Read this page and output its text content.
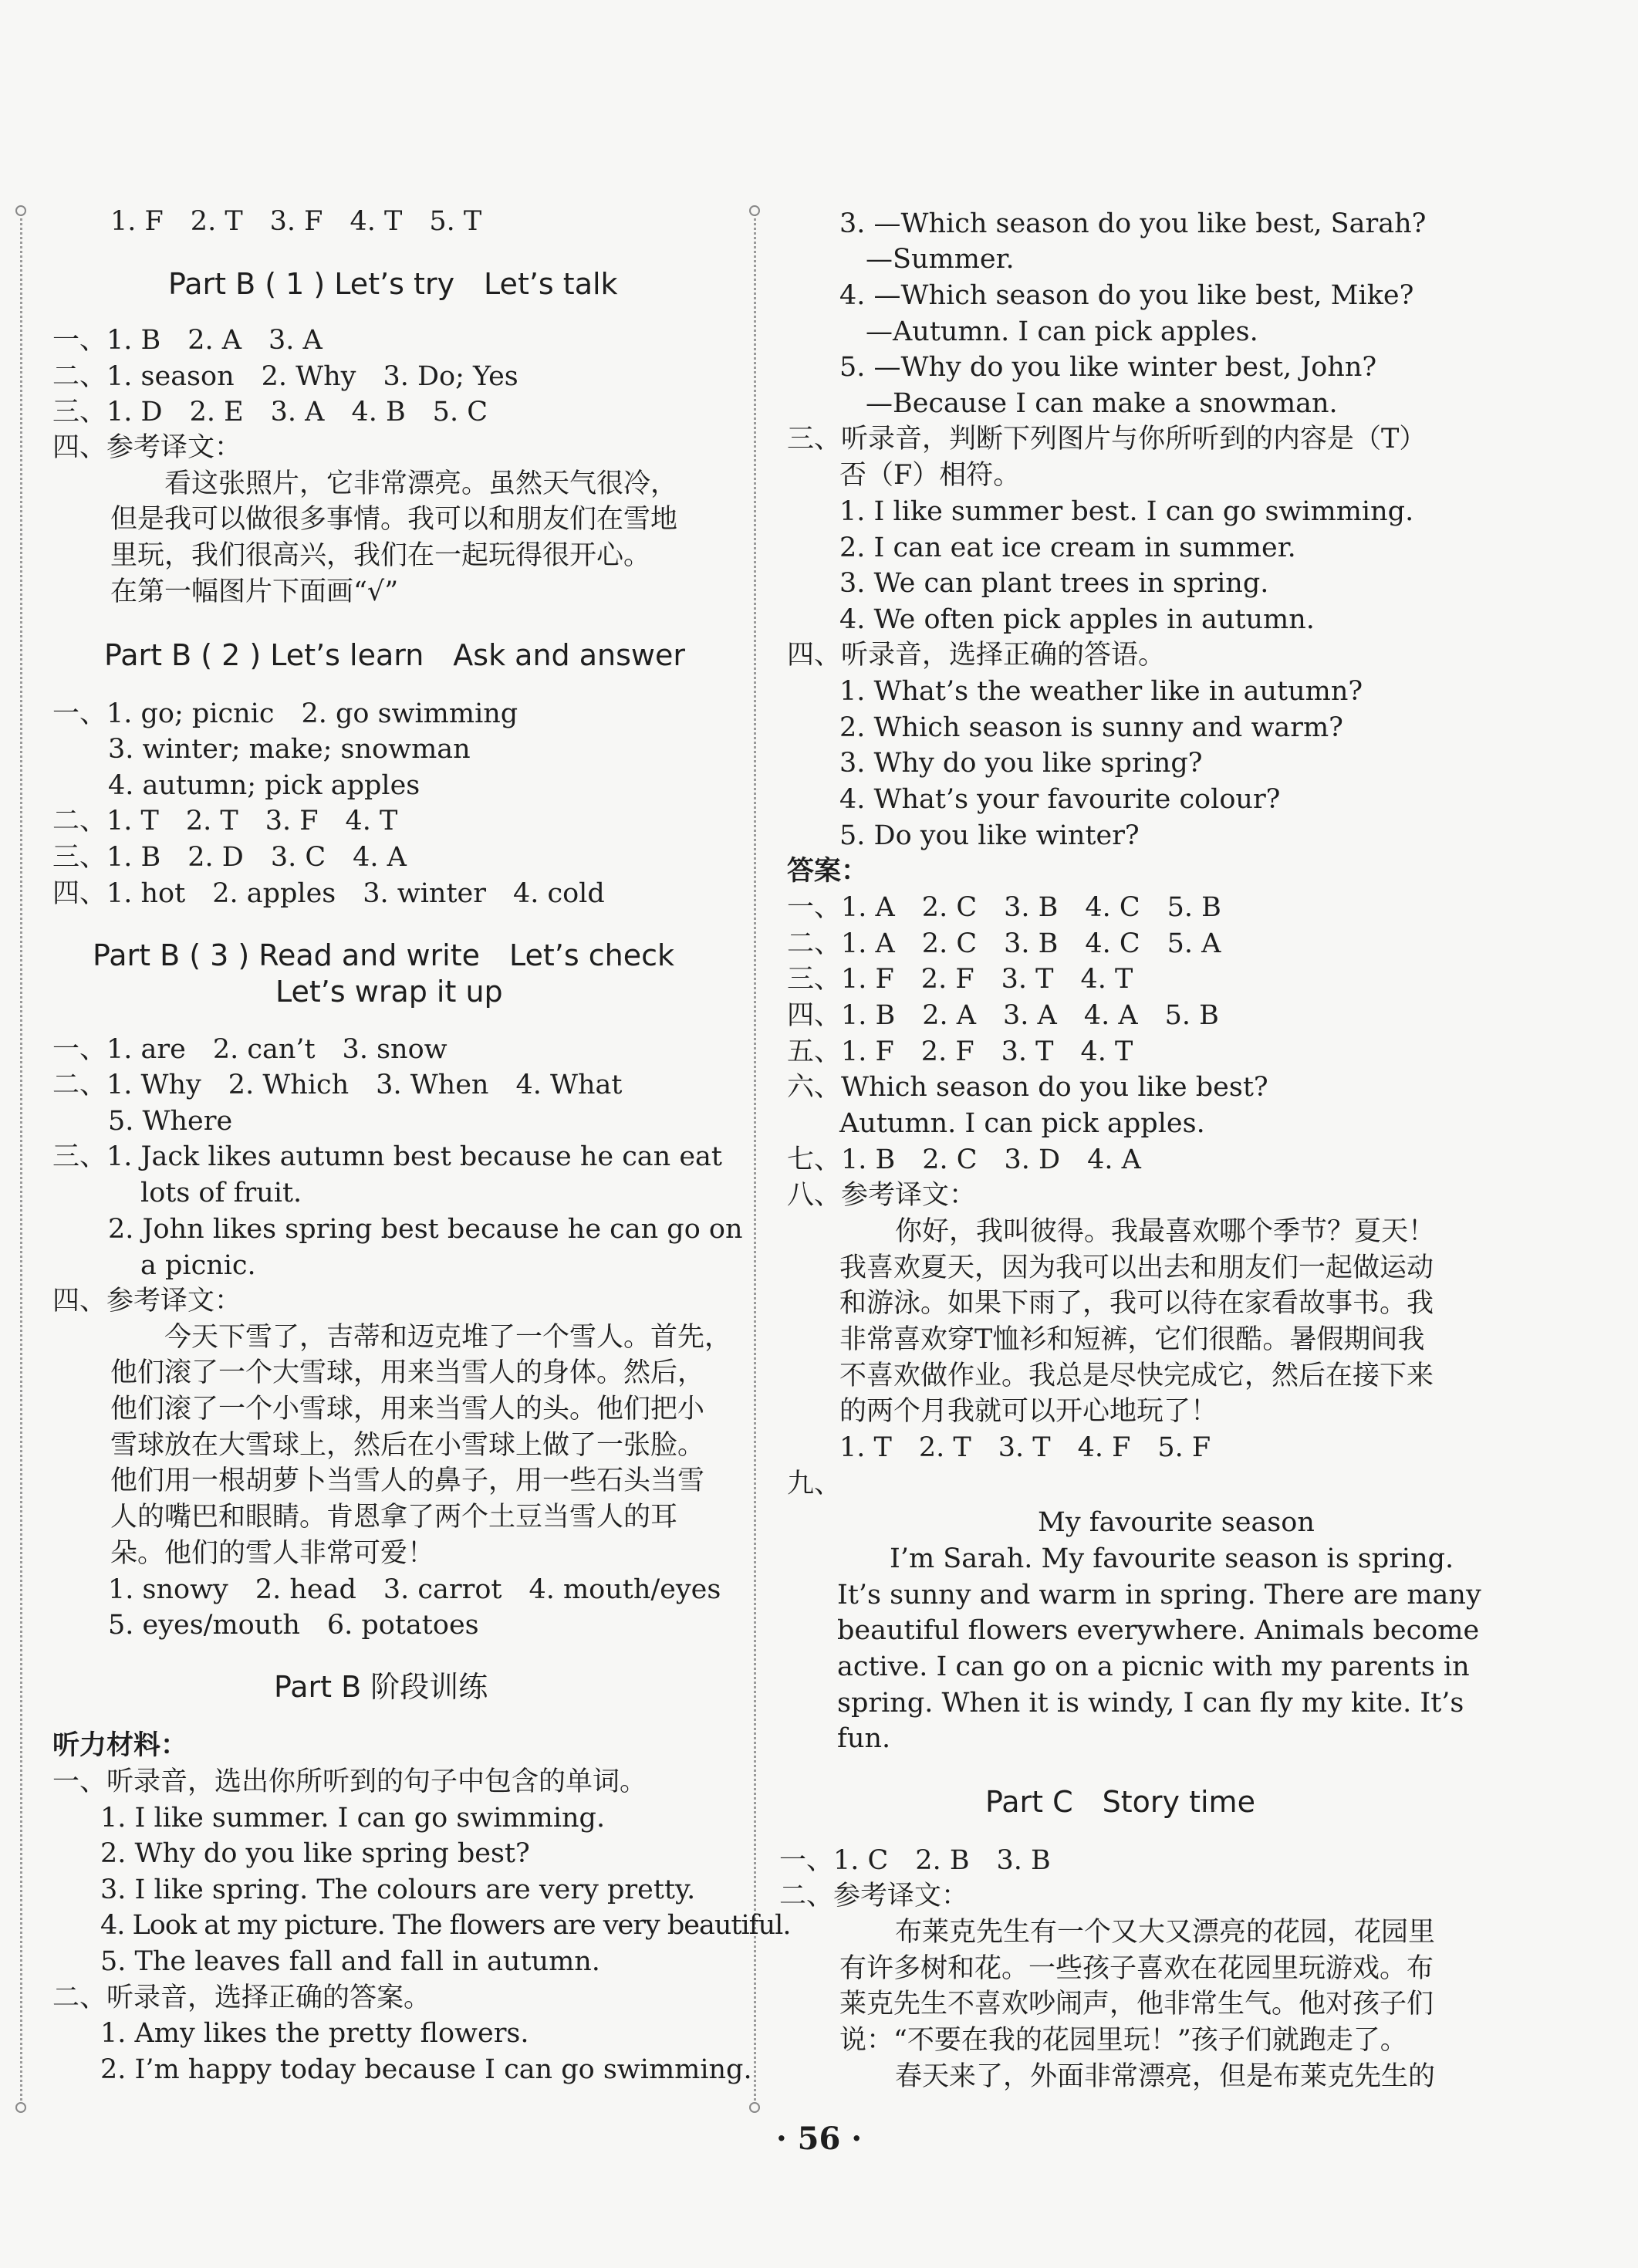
1. F　2. T　3. F　4. T　5. T
Part B ( 1 ) Let’s try　Let’s talk
一、1. B　2. A　3. A
二、1. season　2. Why　3. Do; Yes
三、1. D　2. E　3. A　4. B　5. C
四、参考译文：
看这张照片，它非常漂亮。虽然天气很冷，
但是我可以做很多事情。我可以和朋友们在雪地
里玩，我们很高兴，我们在一起玩得很开心。
在第一幅图片下面画“√”
Part B ( 2 ) Let’s learn　Ask and answer
一、1. go; picnic　2. go swimming
3. winter; make; snowman
4. autumn; pick apples
二、1. T　2. T　3. F　4. T
三、1. B　2. D　3. C　4. A
四、1. hot　2. apples　3. winter　4. cold
Part B ( 3 ) Read and write　Let’s check
Let’s wrap it up
一、1. are　2. can’t　3. snow
二、1. Why　2. Which　3. When　4. What
5. Where
三、1. Jack likes autumn best because he can eat
lots of fruit.
2. John likes spring best because he can go on
a picnic.
四、参考译文：
今天下雪了，吉蒂和迈克堆了一个雪人。首先，
他们滚了一个大雪球，用来当雪人的身体。然后，
他们滚了一个小雪球，用来当雪人的头。他们把小
雪球放在大雪球上，然后在小雪球上做了一张脸。
他们用一根胡萝卜当雪人的鼻子，用一些石头当雪
人的嘴巴和眼睛。肯恩拿了两个土豆当雪人的耳
朵。他们的雪人非常可爱！
1. snowy　2. head　3. carrot　4. mouth/eyes
5. eyes/mouth　6. potatoes
Part B 阶段训练
听力材料：
一、听录音，选出你所听到的句子中包含的单词。
1. I like summer. I can go swimming.
2. Why do you like spring best?
3. I like spring. The colours are very pretty.
4. Look at my picture. The flowers are very beautiful.
5. The leaves fall and fall in autumn.
二、听录音，选择正确的答案。
1. Amy likes the pretty flowers.
2. I’m happy today because I can go swimming.
3. —Which season do you like best, Sarah?
—Summer.
4. —Which season do you like best, Mike?
—Autumn. I can pick apples.
5. —Why do you like winter best, John?
—Because I can make a snowman.
三、听录音，判断下列图片与你所听到的内容是（T）
否（F）相符。
1. I like summer best. I can go swimming.
2. I can eat ice cream in summer.
3. We can plant trees in spring.
4. We often pick apples in autumn.
四、听录音，选择正确的答语。
1. What’s the weather like in autumn?
2. Which season is sunny and warm?
3. Why do you like spring?
4. What’s your favourite colour?
5. Do you like winter?
答案：
一、1. A　2. C　3. B　4. C　5. B
二、1. A　2. C　3. B　4. C　5. A
三、1. F　2. F　3. T　4. T
四、1. B　2. A　3. A　4. A　5. B
五、1. F　2. F　3. T　4. T
六、Which season do you like best?
Autumn. I can pick apples.
七、1. B　2. C　3. D　4. A
八、参考译文：
你好，我叫彼得。我最喜欢哪个季节？夏天！
我喜欢夏天，因为我可以出去和朋友们一起做运动
和游泳。如果下雨了，我可以待在家看故事书。我
非常喜欢穿T恤衫和短裤，它们很酷。暑假期间我
不喜欢做作业。我总是尽快完成它，然后在接下来
的两个月我就可以开心地玩了！
1. T　2. T　3. T　4. F　5. F
九、
My favourite season
I’m Sarah. My favourite season is spring.
It’s sunny and warm in spring. There are many
beautiful flowers everywhere. Animals become
active. I can go on a picnic with my parents in
spring. When it is windy, I can fly my kite. It’s
fun.
Part C　Story time
一、1. C　2. B　3. B
二、参考译文：
布莱克先生有一个又大又漂亮的花园，花园里
有许多树和花。一些孩子喜欢在花园里玩游戏。布
莱克先生不喜欢吵闹声，他非常生气。他对孩子们
说：“不要在我的花园里玩！”孩子们就跑走了。
春天来了，外面非常漂亮，但是布莱克先生的
· 56 ·
